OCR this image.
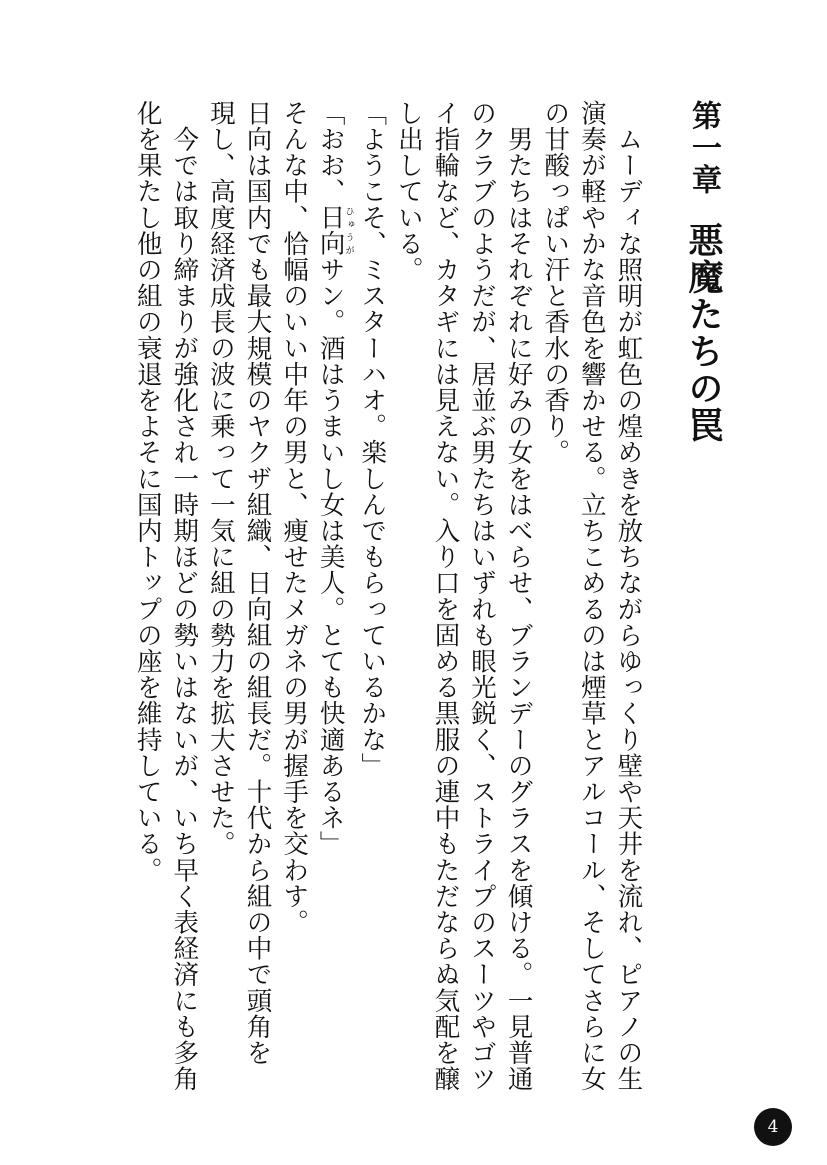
第一章悪魔たちの罠
　ムーディな照明が虹色の煌めきを放ちながらゆっくり壁や天井を流れ、ピアノの生
演奏が軽やかな音色を響かせる。立ちこめるのは煙草とアルコール、そしてさらに女
の甘酸っぱい汗と香水の香り。
　男たちはそれぞれに好みの女をはべらせ、ブランデーのグラスを傾ける。一見普通
のクラブのようだが、居並ぶ男たちはいずれも眼光鋭く、ストライプのスーツやゴツ
イ指輪など、カタギには見えない。入り口を固める黒服の連中もただならぬ気配を醸
し出している。
「ようこそ、ミスターハオ。楽しんでもらっているかな」
「おお、日向ひゅうがサン。酒はうまいし女は美人。とても快適あるネ」
そんな中、恰幅のいい中年の男と、痩せたメガネの男が握手を交わす。
日向は国内でも最大規模のヤクザ組織、日向組の組長だ。十代から組の中で頭角を
現し、高度経済成長の波に乗って一気に組の勢力を拡大させた。
　今では取り締まりが強化され一時期ほどの勢いはないが、いち早く表経済にも多角
化を果たし他の組の衰退をよそに国内トップの座を維持している。
4
